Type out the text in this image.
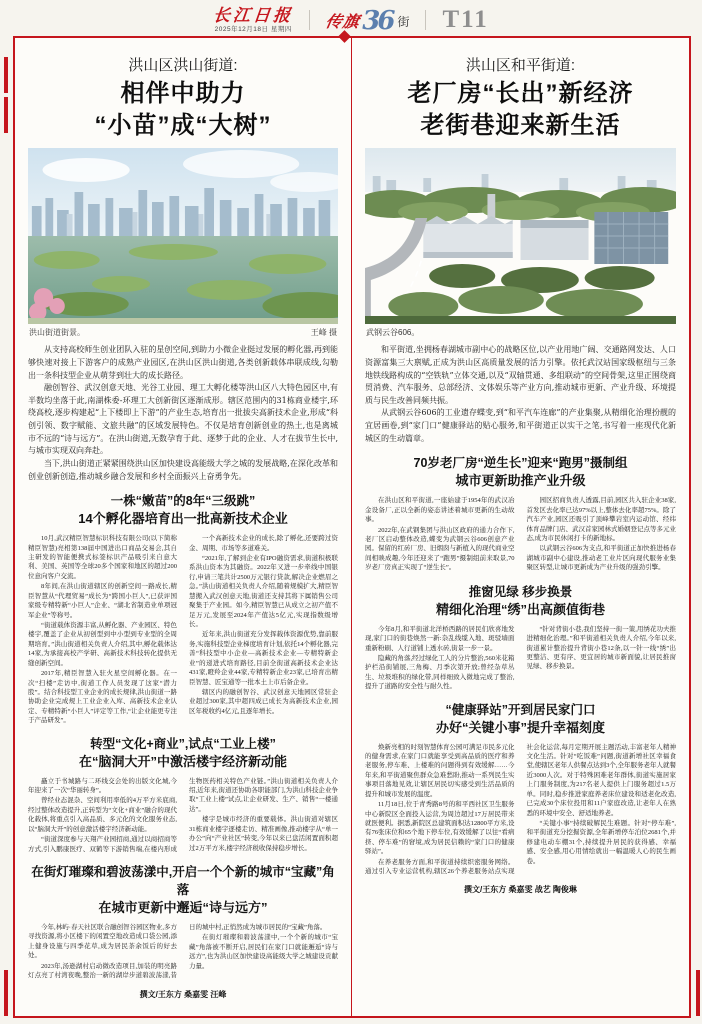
长江日报
2025年12月18日 星期四 传旗 36 街 T11
洪山区洪山街道:
相伴中助力
“小苗”成“大树”
洪山街道街景。	王峰 摄

从支持高校师生创业团队入驻的星创空间,到助力小微企业挺过发展的孵化器,再到能够快速对接上下游客户的成熟产业园区,在洪山区洪山街道,各类创新载体串联成线,勾勒出一条科技型企业从萌芽到壮大的成长路径。

融创智谷、武汉创意天地、光谷工业园、理工大孵化楼等洪山区八大特色园区中,有半数均坐落于此,南湖株委-环理工大创新街区逐渐成形。辖区范围内的31栋商业楼宇,环绕高校,逐步构建起“上下楼即上下游”的产业生态,培育出一批拔尖高新技术企业,形成“科创引领、数字赋能、文旅共融”的区域发展特色。不仅是培育创新创业的热土,也是离城市不远的“诗与远方”。在洪山街道,无数孕育于此、逐梦于此的企业、人才在拔节生长中,与城市实现双向奔赴。

当下,洪山街道正紧紧围绕洪山区加快建设高能级大学之城的发展战略,在深化改革和创业创新创造,推动城乡融合发展和乡村全面振兴上奋勇争先。

一株“嫩苗”的8年“三级跳”
14个孵化器培育出一批高新技术企业

10月,武汉精臣智慧标识科技有限公司(以下简称精臣智慧)亮相第138届中国进出口商品交易会,其自主研发的智能便携式标签标识产品吸引来自意大利、美国、英国等全球20多个国家和地区的超过200位意向客户交流。

8年间,在洪山街道辖区的创新空间一路成长,精臣智慧从“代理贸易”成长为“跨国小巨人”,已获评国家级专精特新“小巨人”企业、“湖北省制造业单项冠军企业”等称号。

“街道载体资源丰富,从孵化器、产业园区、特色楼宇,覆盖了企业从初创型到中小型到专业型的全周期培育。”洪山街道相关负责人介绍,其中,孵化载体达14家,为承接高校产学研、高新技术科技转化提供无缝创新空间。

2017年,精臣智慧入驻火星空间孵化器。在一次“扫楼”走访中,街道工作人员发现了这家“潜力股”。结合科技型工业企业的成长规律,洪山街道一路协助企业完成规上工业企业入库、高新技术企业认定、专精特新“小巨人”评定等工作,“让企业能更专注于产品研发”。

一个高新技术企业的成长,除了孵化,还要跨过资金、周期、市场等多道难关。

“2021年,了解到企业有IPO融资需求,街道积极联系洪山资本为其融资。2022年又进一步牵线中国银行,申请三笔共计2500万元银行贷款,解决企业燃眉之急。”洪山街道相关负责人介绍,随着规模扩大,精臣智慧搬入武汉创意天地,街道还支持其将下属销售公司聚集于产业园。如今,精臣智慧已从成立之初产值不足万元,发展至2024年产值达5亿元,实现指数级增长。

近年来,洪山街道充分发挥载体资源优势,靠前服务,实施科技型企业梯度培育计划,依托14个孵化器,完善“科技型中小企业—高新技术企业—专精特新企业”的递进式培育路径,目前全街道高新技术企业达431家,瞪羚企业44家,专精特新企业23家,已培育出精臣智慧、匠宝通等一批本土上市后备企业。

辖区内的融创智谷、武汉创意天地园区常驻企业超过300家,其中超四成已成长为高新技术企业,园区年税收约4亿元,且逐年增长。

转型“文化+商业”,试点“工业上楼”
在“脑洞大开”中激活楼宇经济新动能

矗立于书城路与二环线交会处的出版文化城,今年迎来了一次“华丽转身”。

曾经业态混杂、空间利用率低的4万平方米底商,经过整体改造提升,正转型为“文化+商业”融合的现代化载体,将重点引入高品质、多元化的文化服务业态,以“脑洞大开”的创意激活楼宇经济新动能。

“街道深度参与天翔产业园招商,通过以商招商等方式,引入鹏康医疗、双鹤等下游销售端,在楼内形成生物医药相关特色产业链。”洪山街道相关负责人介绍,近年来,街道还协助各职能部门,为洪山科技企业争取“工业上楼”试点,让企业研发、生产、销售“一楼通达”。

楼宇是城市经济的重要载体。洪山街道对辖区31栋商业楼宇逐楼走访、精准画像,推动楼宇从“单一办公”向“产业社区”转变,今年以来已盘活闲置面积超过2万平方米,楼宇经济税收保持稳步增长。

在街灯璀璨和碧波荡漾中,开启一个个新的城市“宝藏”角落
在城市更新中邂逅“诗与远方”

今年,林屿·春天社区联合融创智谷园区物业,多方寻找资源,将小区楼下的闲置空地改造成口袋公园,添上健身设施与四季花草,成为居民茶余饭后的好去处。

2023年,汤逊湖村启动微改造项目,加装的明亮路灯点亮了村湾夜晚,整治一新的湖岸步道碧波荡漾,昔日的城中村,正悄然成为城市居民的“宝藏”角落。

在街灯璀璨和碧波荡漾中,一个个新的城市“宝藏”角落被不断开启,居民们在家门口就能邂逅“诗与远方”,也为洪山区加快建设高能级大学之城建设贡献力量。

撰文/王东方 桑嘉雯 汪峰
洪山区和平街道:
老厂房“长出”新经济
老街巷迎来新生活
武钢云谷606。

和平街道,坐拥杨春湖城市副中心的战略区位,以产业用地广阔、交通路网发达、人口资源富集三大禀赋,正成为洪山区高质量发展的活力引擎。依托武汉站国家级枢纽与三条地铁线路构成的“空铁轨”立体交通,以及“双轴贯通、多组联动”的空间骨架,这里正围绕商贸消费、汽车服务、总部经济、文体娱乐等产业方向,推动城市更新、产业升级、环境提质与民生改善同频共振。

从武钢云谷606的工业遗存蝶变,到“和平汽车连廊”的产业集聚,从精细化治理扮靓的宜居画卷,到“家门口”健康驿站的贴心服务,和平街道正以实干之笔,书写着一座现代化新城区的生动篇章。

70岁老厂房“逆生长”迎来“跑男”摄制组
城市更新助推产业升级

在洪山区和平街道,一座始建于1954年的武汉冶金设备厂,正以全新的姿态讲述着城市更新的生动故事。

2022年,在武钢集团与洪山区政府的通力合作下,老厂区启动整体改造,蝶变为武钢云谷606创意产业园。保留的红砖厂房、旧烟囱与新植入的现代商业空间相映成趣,今年还迎来了“跑男”摄制组前来取景,70岁老厂房真正实现了“逆生长”。

园区招商负责人透露,目前,园区共入驻企业38家,首发区去化率已达97%以上,整体去化率超75%。除了汽车产业,园区还吸引了顶峰攀岩室内运动馆、经纬体育品牌门店、武汉首家园林式婚姻登记点等多元业态,成为市民休闲打卡的新地标。

以武钢云谷606为支点,和平街道正加快推进杨春湖城市副中心建设,推动老工业片区向现代服务业集聚区转型,让城市更新成为产业升级的强劲引擎。

推窗见绿 移步换景
精细化治理“绣”出高颜值街巷

今年8月,和平街道北洋桥西路的居民们欣喜地发现,家门口的街巷焕然一新:杂乱线缆入地、斑驳墙面重新粉刷、人行道铺上透水砖,街景一步一景。

隐藏的角落,经过绿化工人的分片整治,560米花箱护栏沿街铺展,三角梅、月季次第开放;曾经杂草丛生、垃圾堆积的绿化带,同样细致入微地完成了整治,提升了道路的安全性与耐久性。

“针对背街小巷,我们坚持一街一策,用绣花功夫推进精细化治理。”和平街道相关负责人介绍,今年以来,街道累计整治提升背街小巷12条,以一针一线“绣”出更整洁、更有序、更宜居的城市新面貌,让居民推窗见绿、移步换景。

“健康驿站”开到居民家门口
办好“关键小事”提升幸福刻度

焕新亮相的时刻智慧体育公园可满足市民多元化的健身需求,在家门口就能享受到高品质的医疗和养老服务,停车难、上楼难的问题得到有效缓解……今年来,和平街道聚焦群众急难愁盼,推动一系列民生实事项目落地见效,让辖区居民切实感受到生活品质的提升和城市发展的温度。

11月18日,位于青秀路8号的和平西社区卫生服务中心新院区全面投入运营,为周边超过17万居民带来就医便利。据悉,新院区总建筑面积达12800平方米,设有76张床位和65个地下停车位,有效缓解了以往“看病挤、停车难”的窘境,成为居民信赖的“家门口的健康驿站”。

在养老服务方面,和平街道持续织密服务网络。通过引入专业运营机构,辖区26个养老服务站点实现社会化运营,每月定期开展主题活动,丰富老年人精神文化生活。针对“吃饭难”问题,街道新增社区幸福食堂,使辖区老年人供餐点达到3个,全年服务老年人就餐近3000人次。对于特殊困难老年群体,街道实施居家上门服务制度,为217名老人提供上门服务超过1.5万单。同时,稳步推进家庭养老床位建设和适老化改造,已完成30个床位投用和11户家庭改造,让老年人在熟悉的环境中安全、舒适地养老。

“关键小事”持续破解民生难题。针对“停车难”,和平街道充分挖掘资源,全年新增停车泊位2681个,并修建电动车棚31个,持续提升居民的获得感、幸福感、安全感,用心用情绘就出一幅温暖人心的民生画卷。

撰文/王东方 桑嘉雯 战艺 陶俊琳
